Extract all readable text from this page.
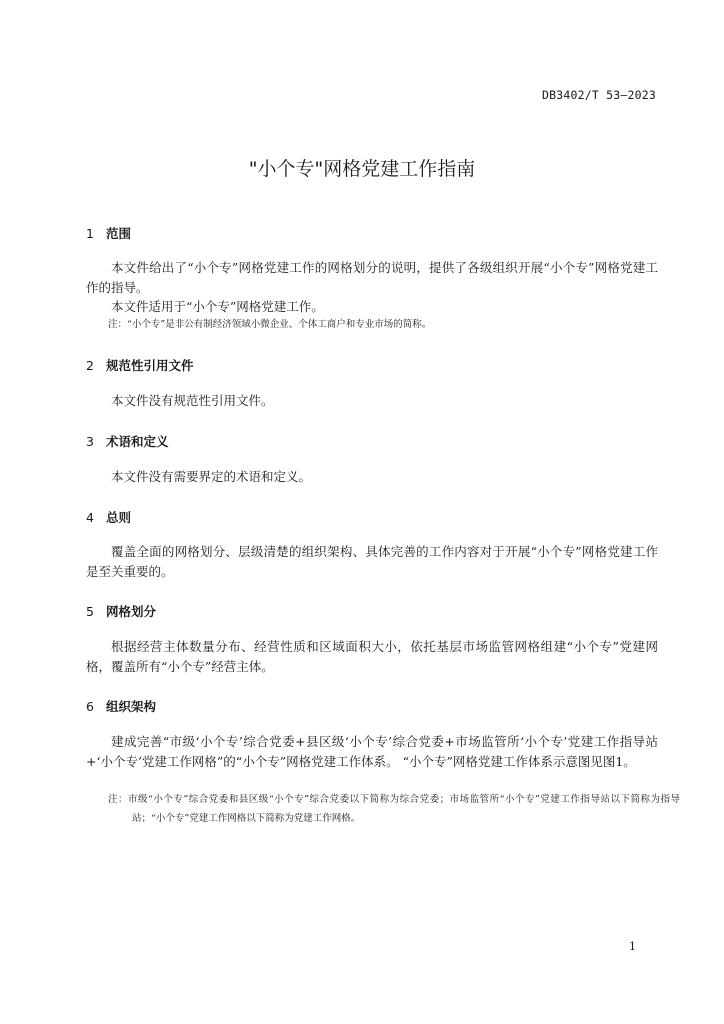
DB3402/T 53—2023
"小个专"网格党建工作指南
1 范围

本文件给出了“小个专”网格党建工作的网格划分的说明，提供了各级组织开展“小个专”网格党建工作的指导。

本文件适用于“小个专”网格党建工作。

注：“小个专”是非公有制经济领域小微企业、个体工商户和专业市场的简称。

2 规范性引用文件

本文件没有规范性引用文件。

3 术语和定义

本文件没有需要界定的术语和定义。

4 总则

覆盖全面的网格划分、层级清楚的组织架构、具体完善的工作内容对于开展“小个专”网格党建工作是至关重要的。

5 网格划分

根据经营主体数量分布、经营性质和区域面积大小，依托基层市场监管网格组建“小个专”党建网格，覆盖所有“小个专”经营主体。

6 组织架构

建成完善“市级‘小个专’综合党委+县区级‘小个专’综合党委+市场监管所‘小个专’党建工作指导站+‘小个专’党建工作网格”的“小个专”网格党建工作体系。 “小个专”网格党建工作体系示意图见图1。

注：市级“小个专”综合党委和县区级“小个专”综合党委以下简称为综合党委；市场监管所“小个专”党建工作指导站以下简称为指导站；“小个专”党建工作网格以下简称为党建工作网格。

1
